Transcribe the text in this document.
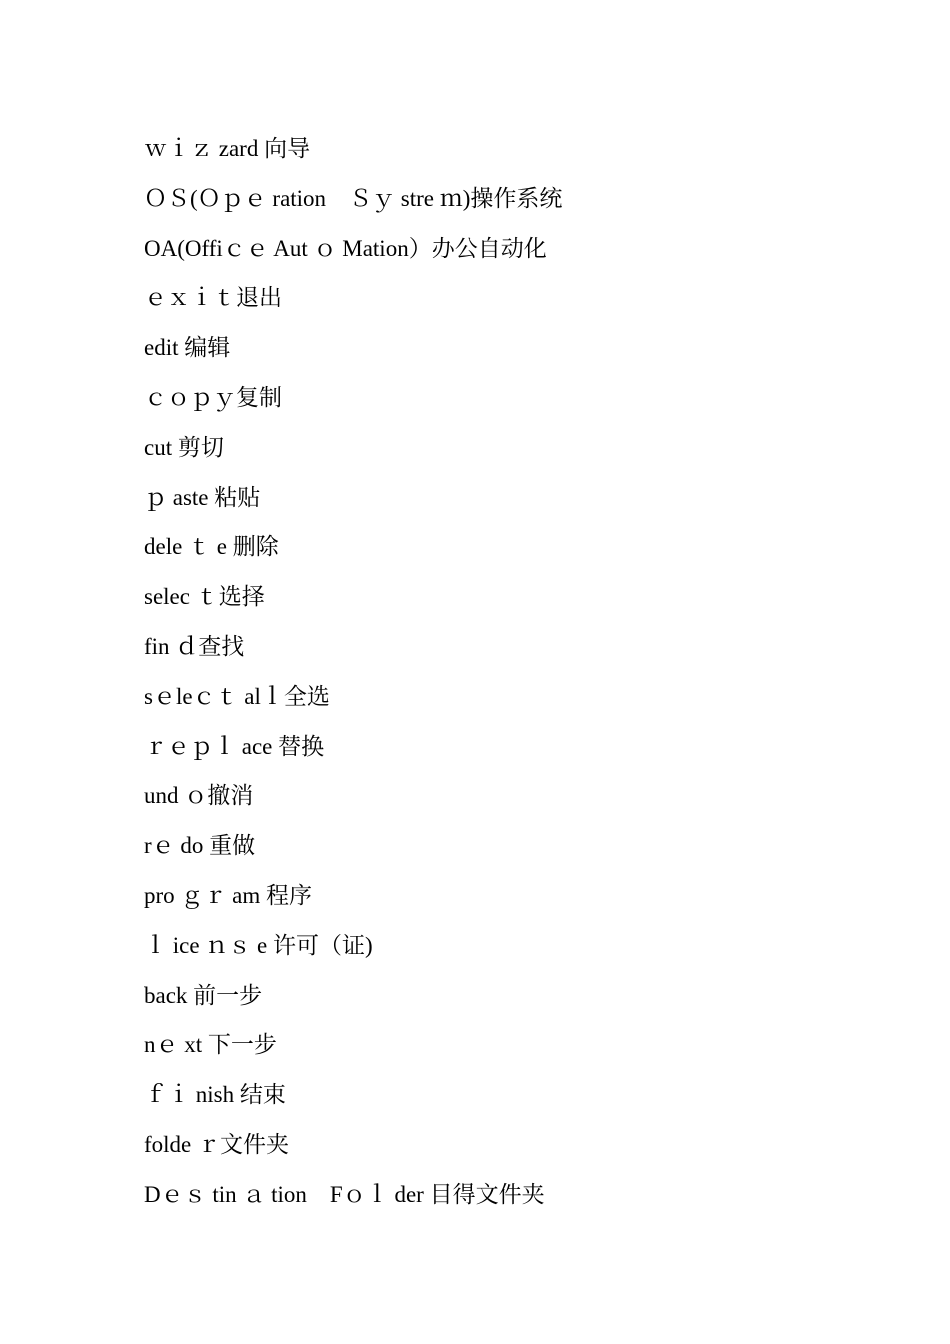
ｗｉｚ zard 向导
ＯＳ(Ｏｐｅ ration　Ｓｙ stre ｍ)操作系统
OA(Offiｃｅ Aut ｏ Mation）办公自动化
ｅｘｉｔ退出
edit 编辑
ｃｏｐｙ复制
cut 剪切
ｐ aste 粘贴
dele ｔ e 删除
selec ｔ选择
fin ｄ查找
sｅleｃｔ alｌ全选
ｒｅｐｌ ace 替换
und ｏ撤消
rｅ do 重做
pro ｇｒ am 程序
ｌ ice ｎｓ e 许可（证)
back 前一步
nｅ xt 下一步
ｆｉ nish 结束
folde ｒ文件夹
Dｅｓ tin ａ tion　Fｏｌ der 目得文件夹
